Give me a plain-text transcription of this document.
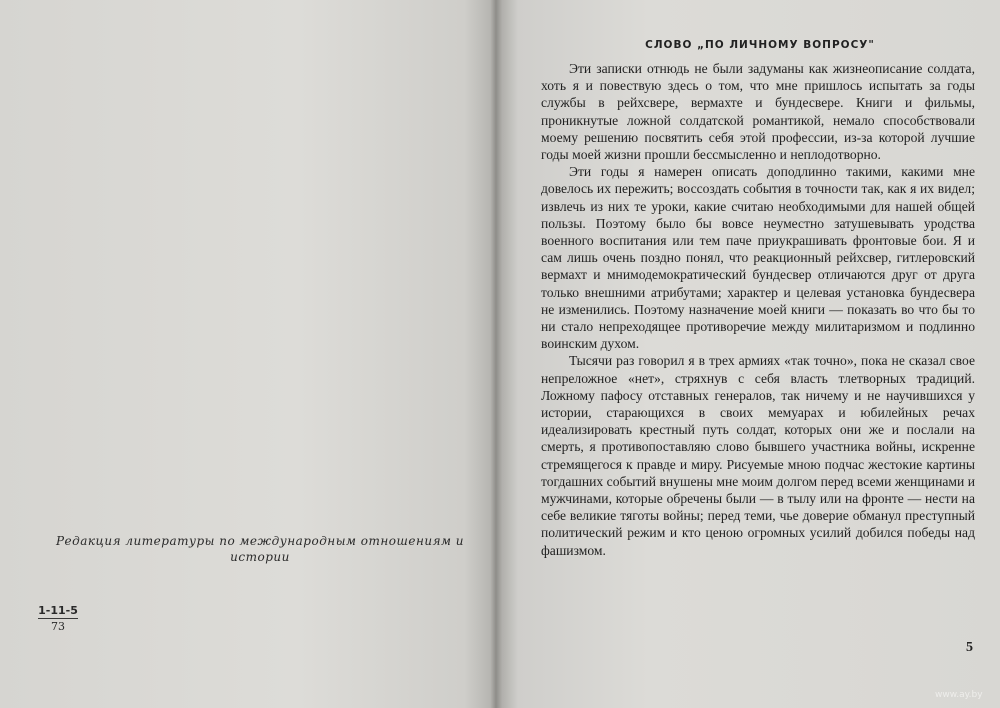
Редакция литературы по международным отношениям и истории
1-11-5
73
СЛОВО „ПО ЛИЧНОМУ ВОПРОСУ"

Эти записки отнюдь не были задуманы как жизнеописание солдата, хоть я и повествую здесь о том, что мне пришлось испытать за годы службы в рейхсвере, вермахте и бундесвере. Книги и фильмы, проникнутые ложной солдатской романтикой, немало способствовали моему решению посвятить себя этой профессии, из-за которой лучшие годы моей жизни прошли бессмысленно и неплодотворно.

Эти годы я намерен описать доподлинно такими, какими мне довелось их пережить; воссоздать события в точности так, как я их видел; извлечь из них те уроки, какие считаю необходимыми для нашей общей пользы. Поэтому было бы вовсе неуместно затушевывать уродства военного воспитания или тем паче приукрашивать фронтовые бои. Я и сам лишь очень поздно понял, что реакционный рейхсвер, гитлеровский вермахт и мнимодемократический бундесвер отличаются друг от друга только внешними атрибутами; характер и целевая установка бундесвера не изменились. Поэтому назначение моей книги — показать во что бы то ни стало непреходящее противоречие между милитаризмом и подлинно воинским духом.

Тысячи раз говорил я в трех армиях «так точно», пока не сказал свое непреложное «нет», стряхнув с себя власть тлетворных традиций. Ложному пафосу отставных генералов, так ничему и не научившихся у истории, старающихся в своих мемуарах и юбилейных речах идеализировать крестный путь солдат, которых они же и послали на смерть, я противопоставляю слово бывшего участника войны, искренне стремящегося к правде и миру. Рисуемые мною подчас жестокие картины тогдашних событий внушены мне моим долгом перед всеми женщинами и мужчинами, которые обречены были — в тылу или на фронте — нести на себе великие тяготы войны; перед теми, чье доверие обманул преступный политический режим и кто ценою огромных усилий добился победы над фашизмом.

5
www.ay.by
